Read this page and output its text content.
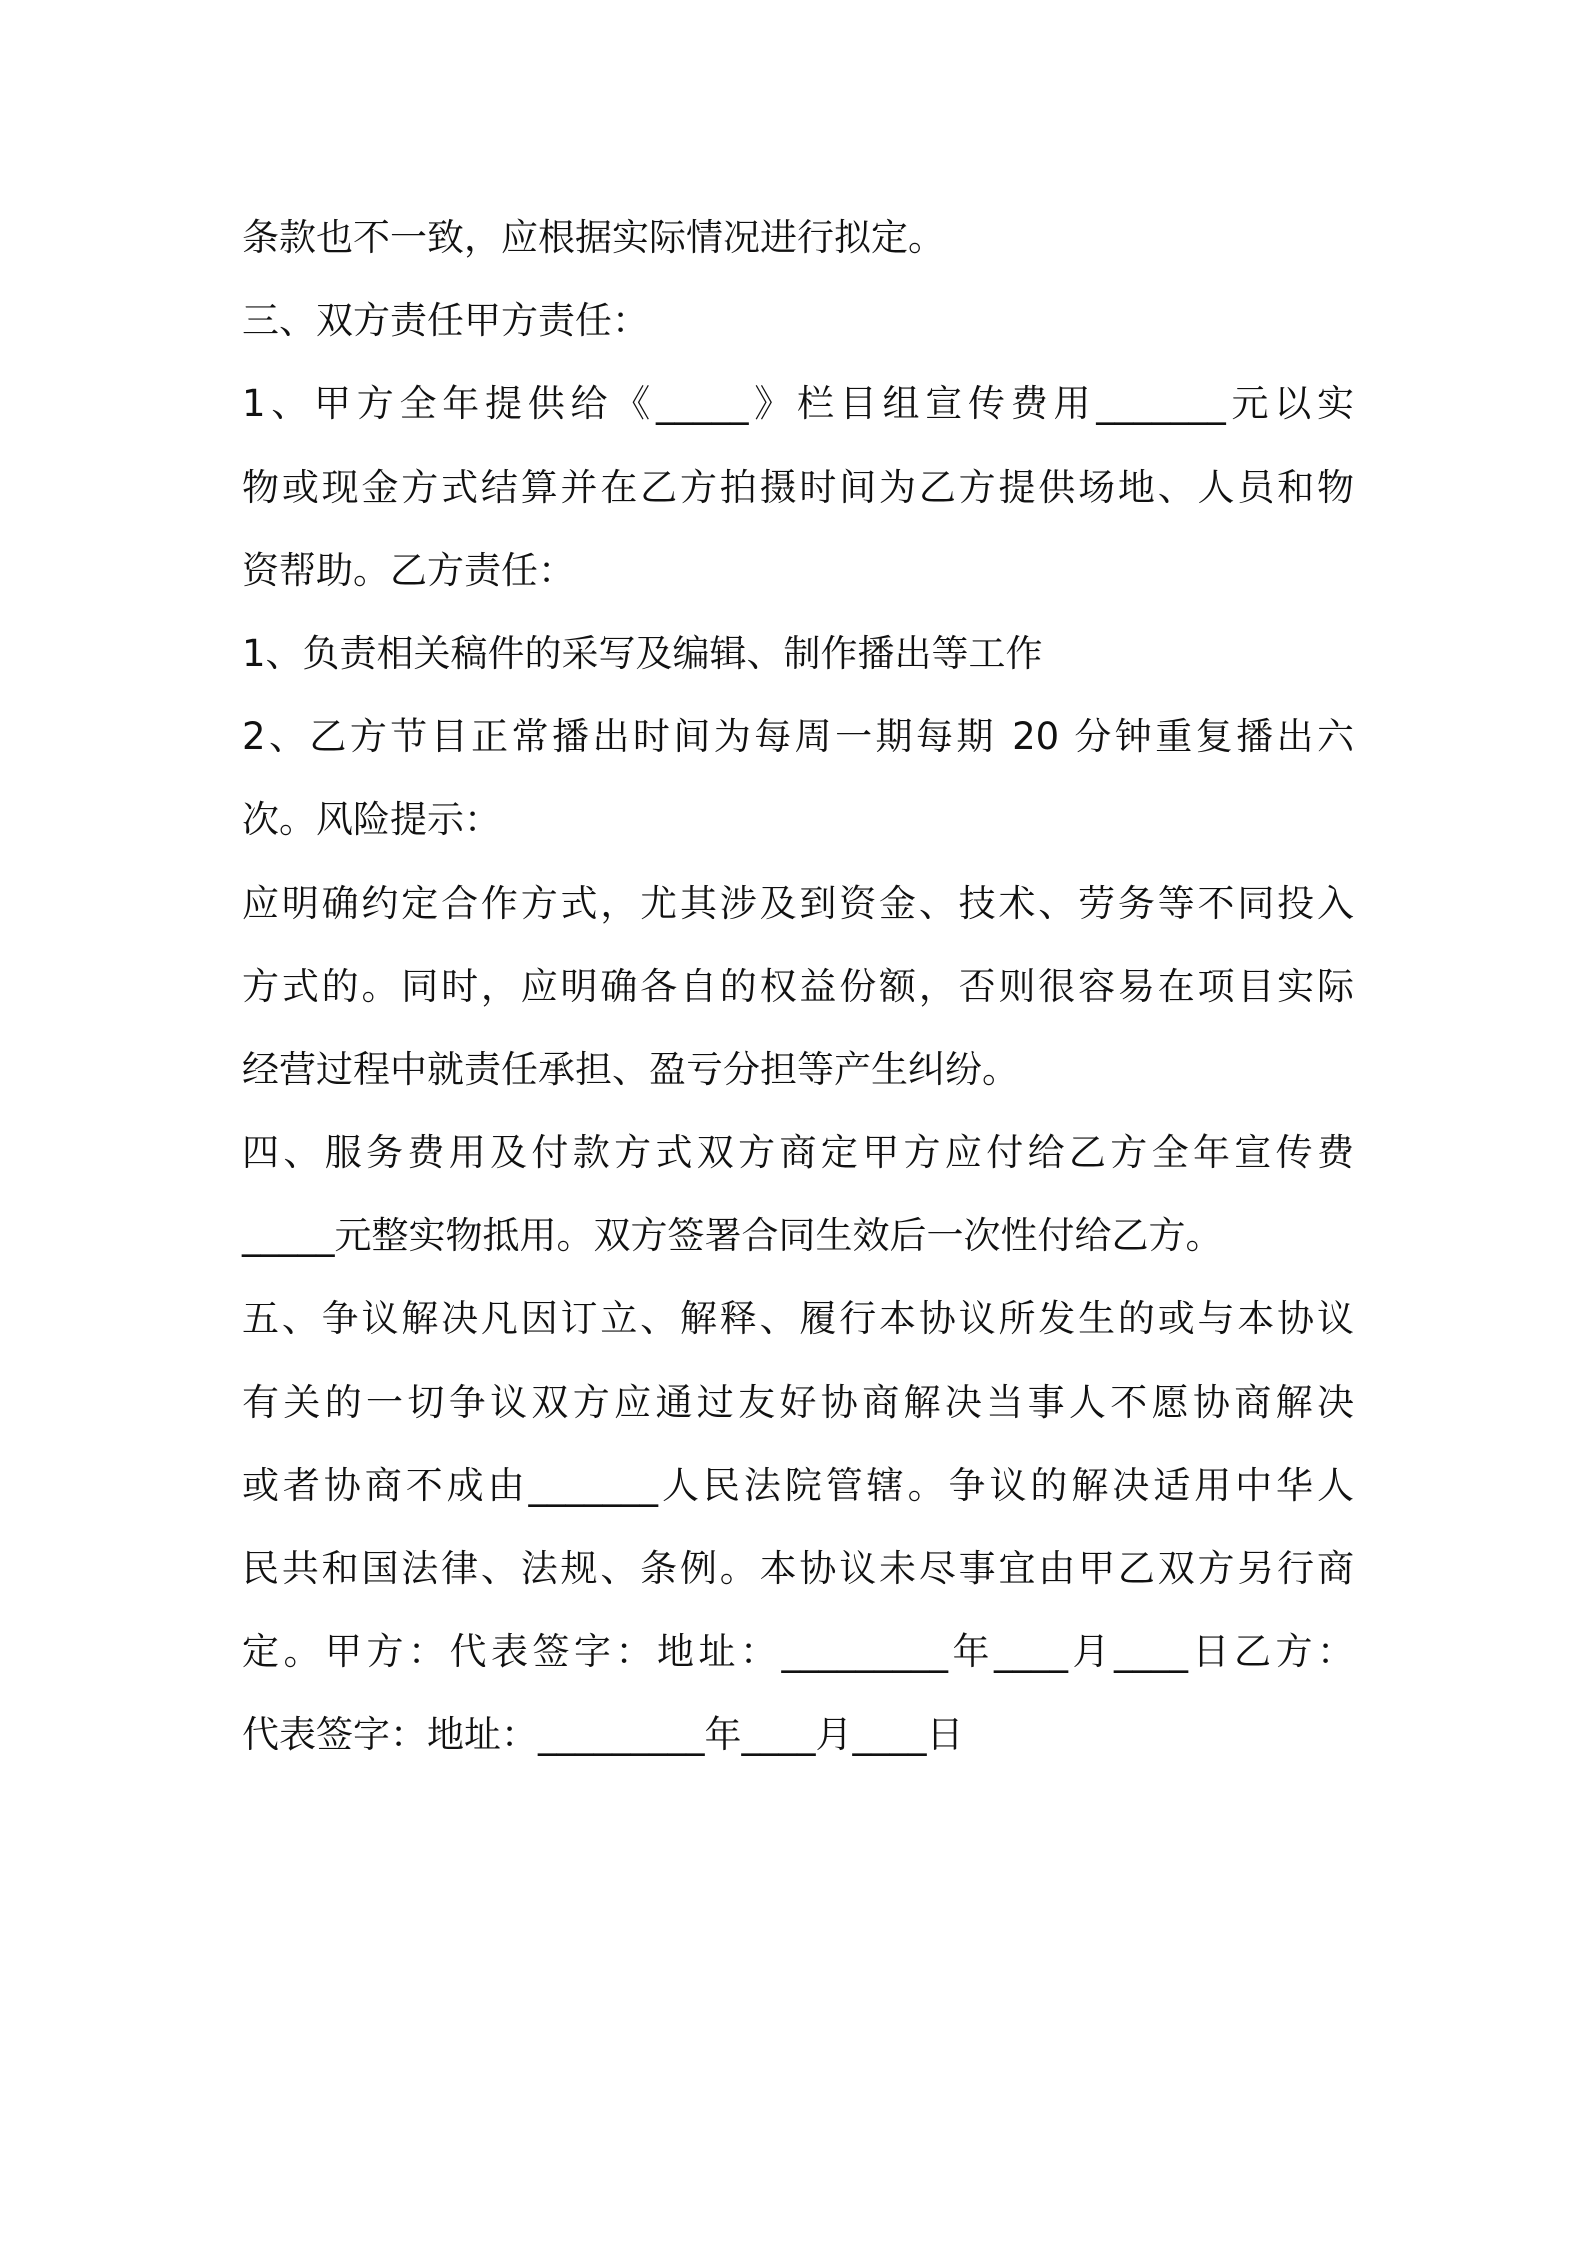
条款也不一致，应根据实际情况进行拟定。
三、双方责任甲方责任：
1、甲方全年提供给《_____》栏目组宣传费用_______元以实
物或现金方式结算并在乙方拍摄时间为乙方提供场地、人员和物
资帮助。乙方责任：
1、负责相关稿件的采写及编辑、制作播出等工作
2、乙方节目正常播出时间为每周一期每期 20 分钟重复播出六
次。风险提示：
应明确约定合作方式，尤其涉及到资金、技术、劳务等不同投入
方式的。同时，应明确各自的权益份额，否则很容易在项目实际
经营过程中就责任承担、盈亏分担等产生纠纷。
四、服务费用及付款方式双方商定甲方应付给乙方全年宣传费
_____元整实物抵用。双方签署合同生效后一次性付给乙方。
五、争议解决凡因订立、解释、履行本协议所发生的或与本协议
有关的一切争议双方应通过友好协商解决当事人不愿协商解决
或者协商不成由_______人民法院管辖。争议的解决适用中华人
民共和国法律、法规、条例。本协议未尽事宜由甲乙双方另行商
定。甲方：代表签字：地址：_________年____月____日乙方：
代表签字：地址：_________年____月____日
